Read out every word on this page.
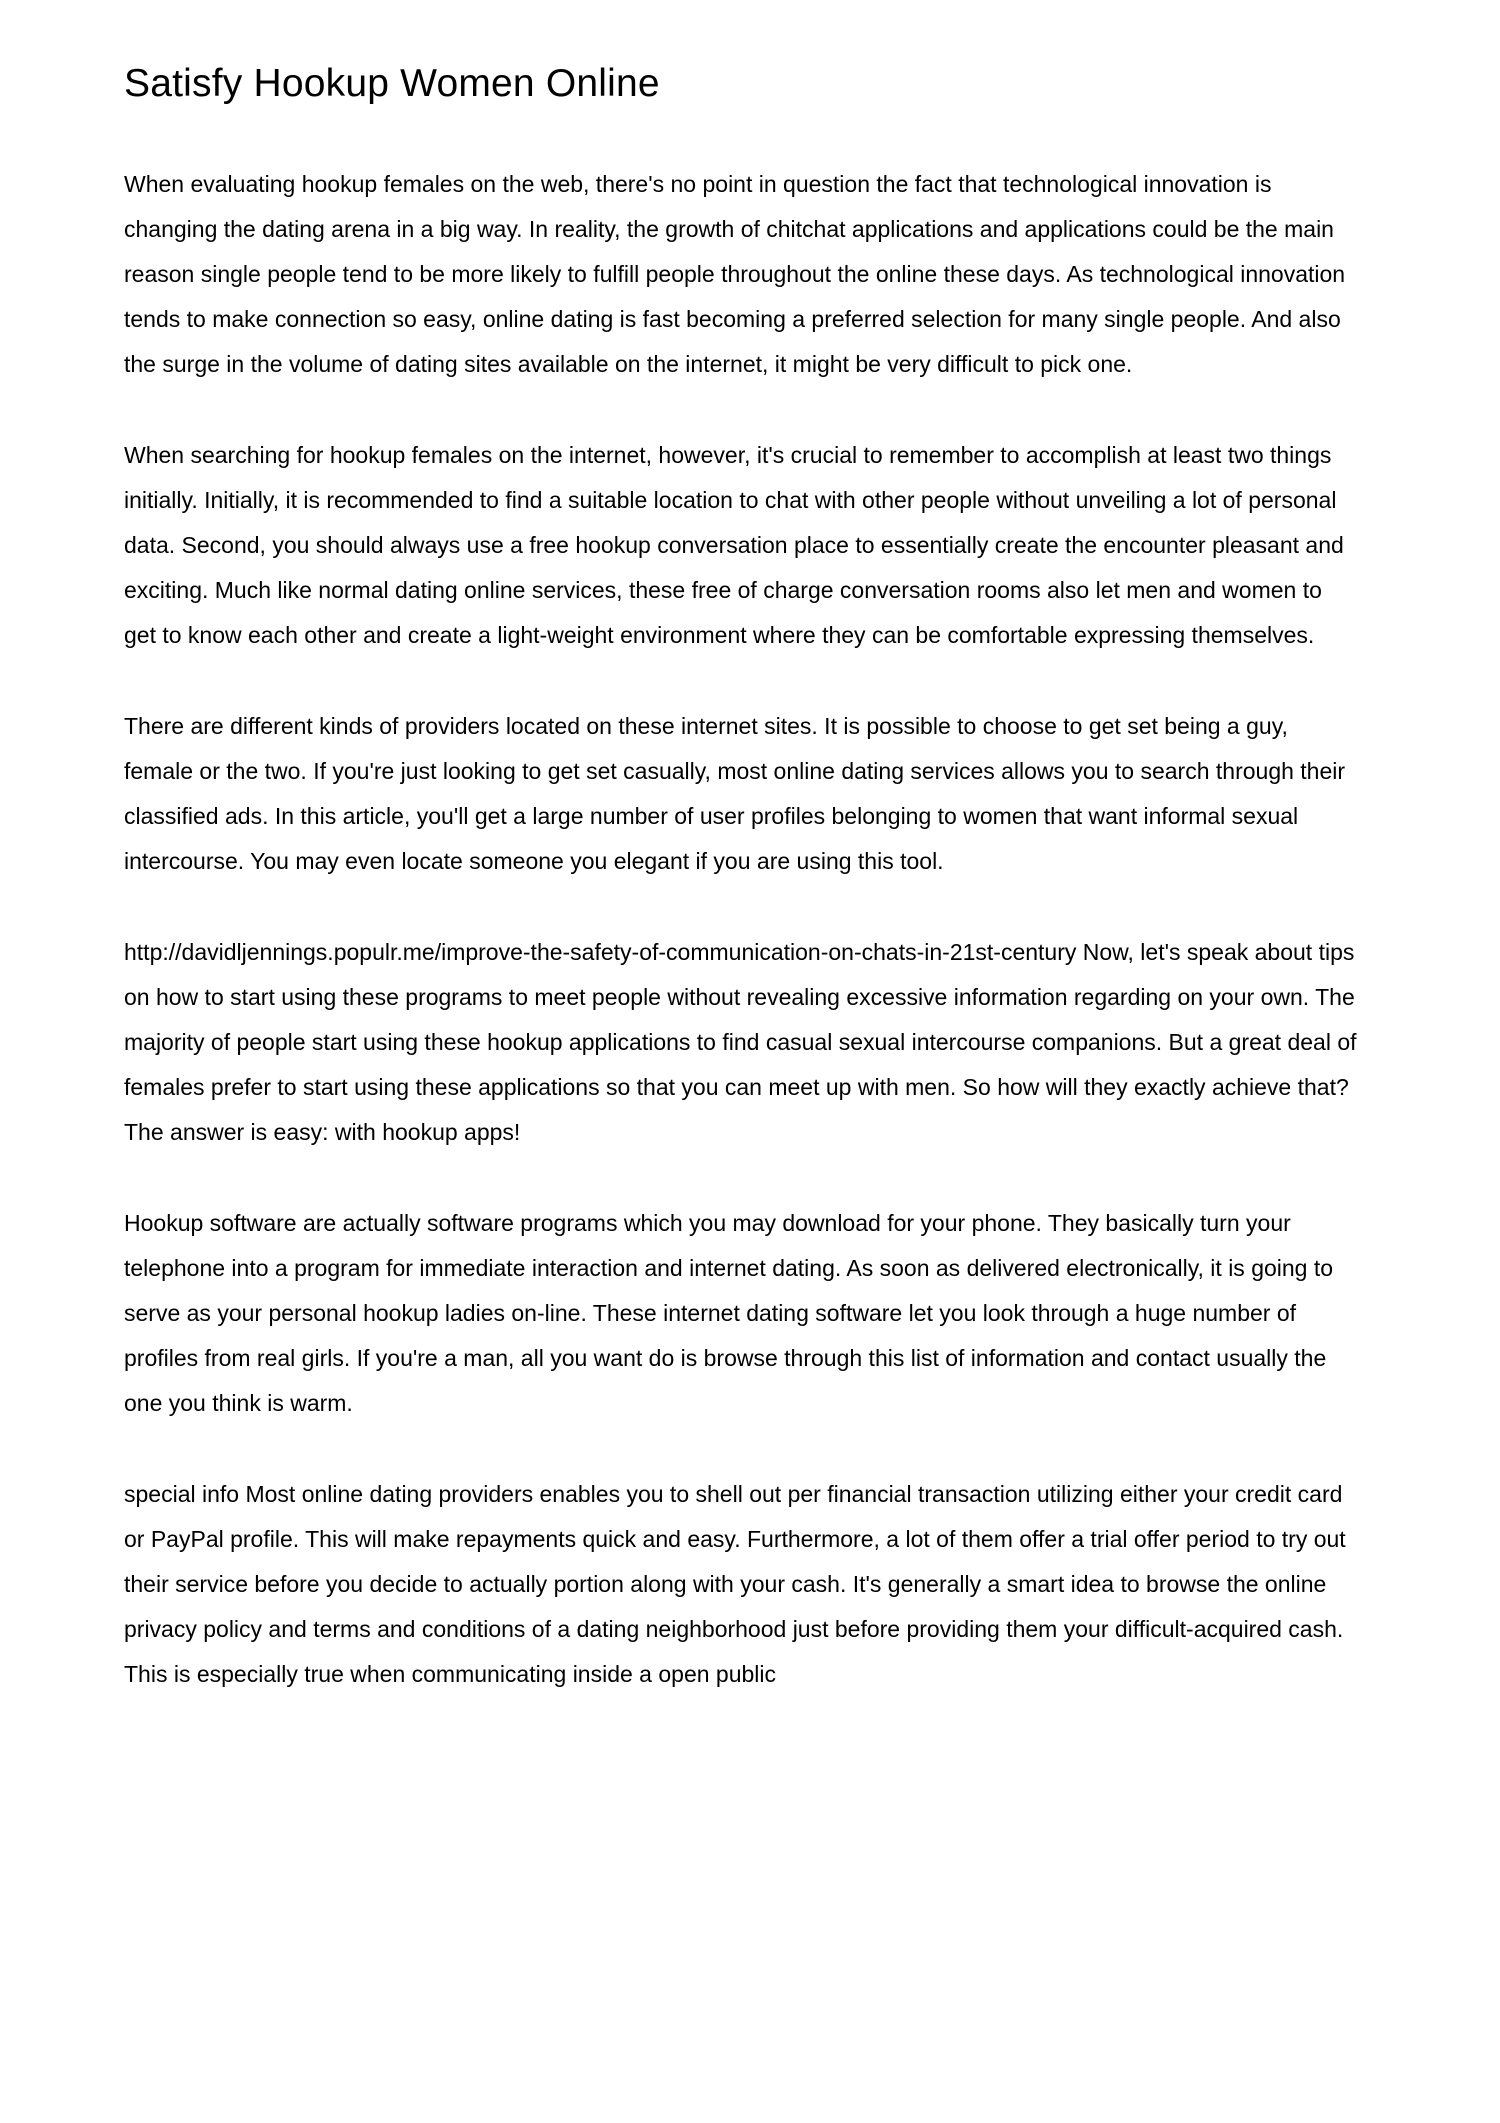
Satisfy Hookup Women Online

When evaluating hookup females on the web, there's no point in question the fact that technological innovation is changing the dating arena in a big way. In reality, the growth of chitchat applications and applications could be the main reason single people tend to be more likely to fulfill people throughout the online these days. As technological innovation tends to make connection so easy, online dating is fast becoming a preferred selection for many single people. And also the surge in the volume of dating sites available on the internet, it might be very difficult to pick one.

When searching for hookup females on the internet, however, it's crucial to remember to accomplish at least two things initially. Initially, it is recommended to find a suitable location to chat with other people without unveiling a lot of personal data. Second, you should always use a free hookup conversation place to essentially create the encounter pleasant and exciting. Much like normal dating online services, these free of charge conversation rooms also let men and women to get to know each other and create a light-weight environment where they can be comfortable expressing themselves.

There are different kinds of providers located on these internet sites. It is possible to choose to get set being a guy, female or the two. If you're just looking to get set casually, most online dating services allows you to search through their classified ads. In this article, you'll get a large number of user profiles belonging to women that want informal sexual intercourse. You may even locate someone you elegant if you are using this tool.

http://davidljennings.populr.me/improve-the-safety-of-communication-on-chats-in-21st-century Now, let's speak about tips on how to start using these programs to meet people without revealing excessive information regarding on your own. The majority of people start using these hookup applications to find casual sexual intercourse companions. But a great deal of females prefer to start using these applications so that you can meet up with men. So how will they exactly achieve that? The answer is easy: with hookup apps!

Hookup software are actually software programs which you may download for your phone. They basically turn your telephone into a program for immediate interaction and internet dating. As soon as delivered electronically, it is going to serve as your personal hookup ladies on-line. These internet dating software let you look through a huge number of profiles from real girls. If you're a man, all you want do is browse through this list of information and contact usually the one you think is warm.

special info Most online dating providers enables you to shell out per financial transaction utilizing either your credit card or PayPal profile. This will make repayments quick and easy. Furthermore, a lot of them offer a trial offer period to try out their service before you decide to actually portion along with your cash. It's generally a smart idea to browse the online privacy policy and terms and conditions of a dating neighborhood just before providing them your difficult-acquired cash. This is especially true when communicating inside a open public
